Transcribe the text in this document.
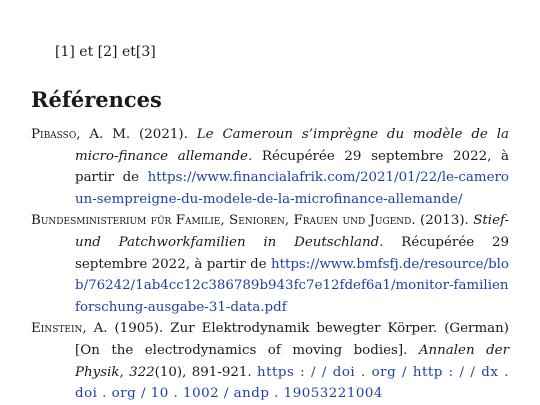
[1] et [2] et[3]
Références

Pibasso, A. M. (2021). Le Cameroun s’imprègne du modèle de la micro-finance allemande. Récupérée 29 septembre 2022, à partir de https://www.financialafrik.com/2021/01/22/le-cameroun-sempreigne-du-modele-de-la-microfinance-allemande/

Bundesministerium für Familie, Senioren, Frauen und Jugend. (2013). Stief- und Patchworkfamilien in Deutschland. Récupérée 29 septembre 2022, à partir de https://www.bmfsfj.de/resource/blob/76242/1ab4cc12c386789b943fc7e12fdef6a1/monitor-familienforschung-ausgabe-31-data.pdf

Einstein, A. (1905). Zur Elektrodynamik bewegter Körper. (German) [On the electrodynamics of moving bodies]. Annalen der Physik, 322(10), 891-921. https : / / doi . org / http : / / dx . doi . org / 10 . 1002 / andp . 19053221004
